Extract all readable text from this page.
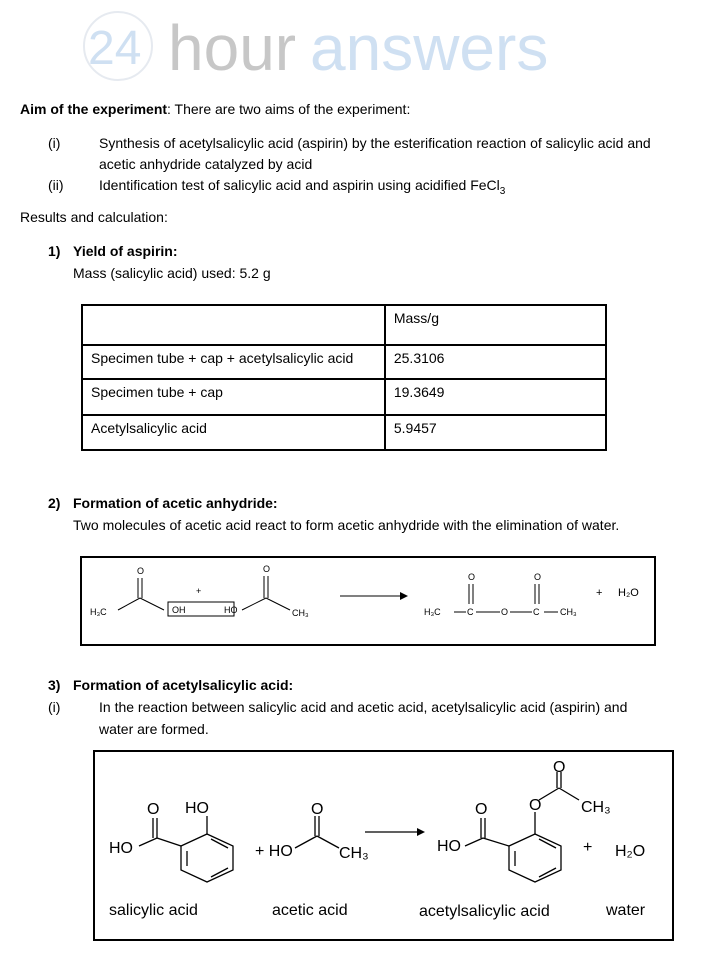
24 hour answers
Aim of the experiment: There are two aims of the experiment:
(i)	Synthesis of acetylsalicylic acid (aspirin) by the esterification reaction of salicylic acid and
acetic anhydride catalyzed by acid
(ii)	Identification test of salicylic acid and aspirin using acidified FeCl$_3$
Results and calculation:
1) Yield of aspirin:
Mass (salicylic acid) used: 5.2 g

	Mass/g

Specimen tube + cap + acetylsalicylic acid	25.3106

Specimen tube + cap	19.3649

Acetylsalicylic acid	5.9457
2) Formation of acetic anhydride:
Two molecules of acetic acid react to form acetic anhydride with the elimination of water.
H₃C
O
OH
+
HO
O
CH₃	H₃C	C
O
O	C
O
CH₃
+ H₂O
3) Formation of acetylsalicylic acid:
(i)	In the reaction between salicylic acid and acetic acid, acetylsalicylic acid (aspirin) and
water are formed.
O HO
HO	+ HO
O
CH₃	HO
O	O
O
CH₃
+ H₂O
salicylic acid	acetic acid	acetylsalicylic acid	water
